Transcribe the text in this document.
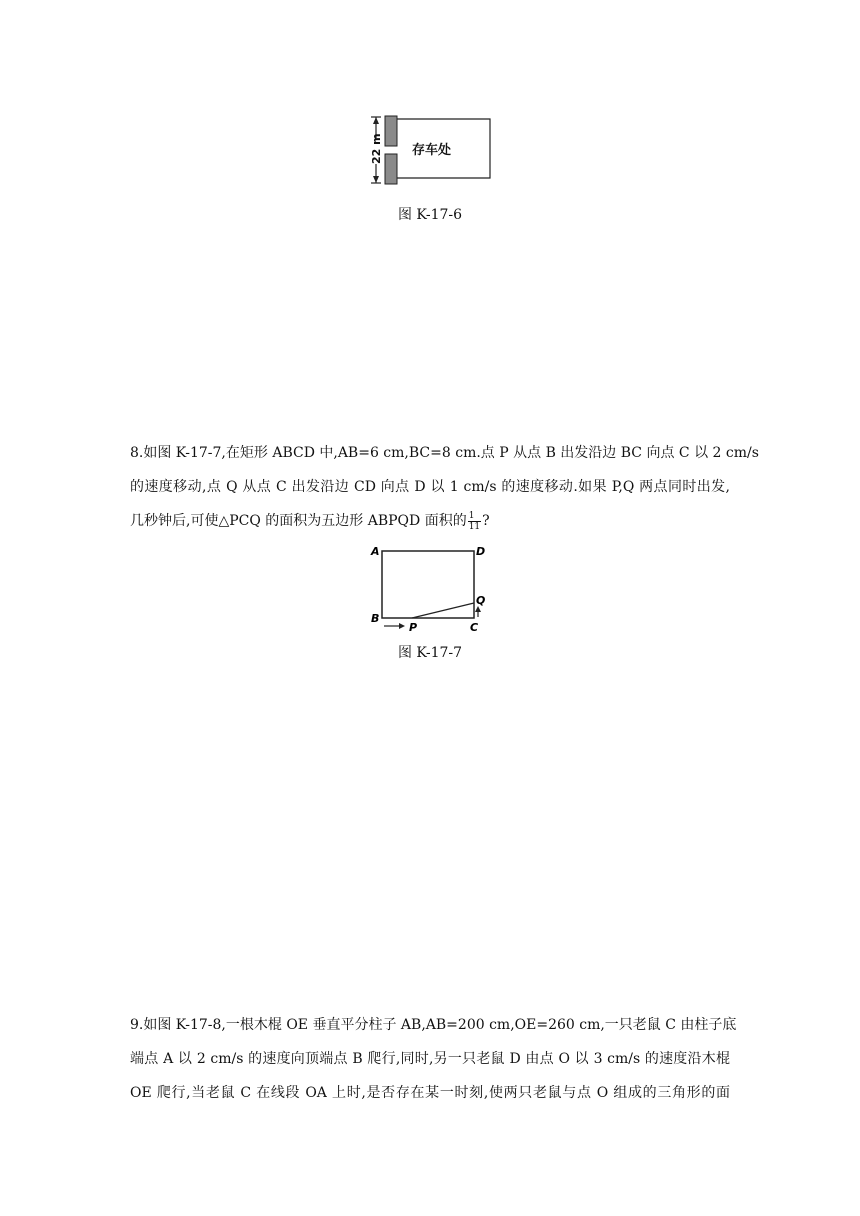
22 m 存车处
图 K-17-6
8.如图 K-17-7,在矩形 ABCD 中,AB=6 cm,BC=8 cm.点 P 从点 B 出发沿边 BC 向点 C 以 2 cm/s
的速度移动,点 Q 从点 C 出发沿边 CD 向点 D 以 1 cm/s 的速度移动.如果 P,Q 两点同时出发,
几秒钟后,可使△PCQ 的面积为五边形 ABPQD 面积的 $\frac{1}{11}$ ?
A	D
B
C
Q
P
图 K-17-7
9.如图 K-17-8,一根木棍 OE 垂直平分柱子 AB,AB=200 cm,OE=260 cm,一只老鼠 C 由柱子底
端点 A 以 2 cm/s 的速度向顶端点 B 爬行,同时,另一只老鼠 D 由点 O 以 3 cm/s 的速度沿木棍
OE 爬行,当老鼠 C 在线段 OA 上时,是否存在某一时刻,使两只老鼠与点 O 组成的三角形的面
